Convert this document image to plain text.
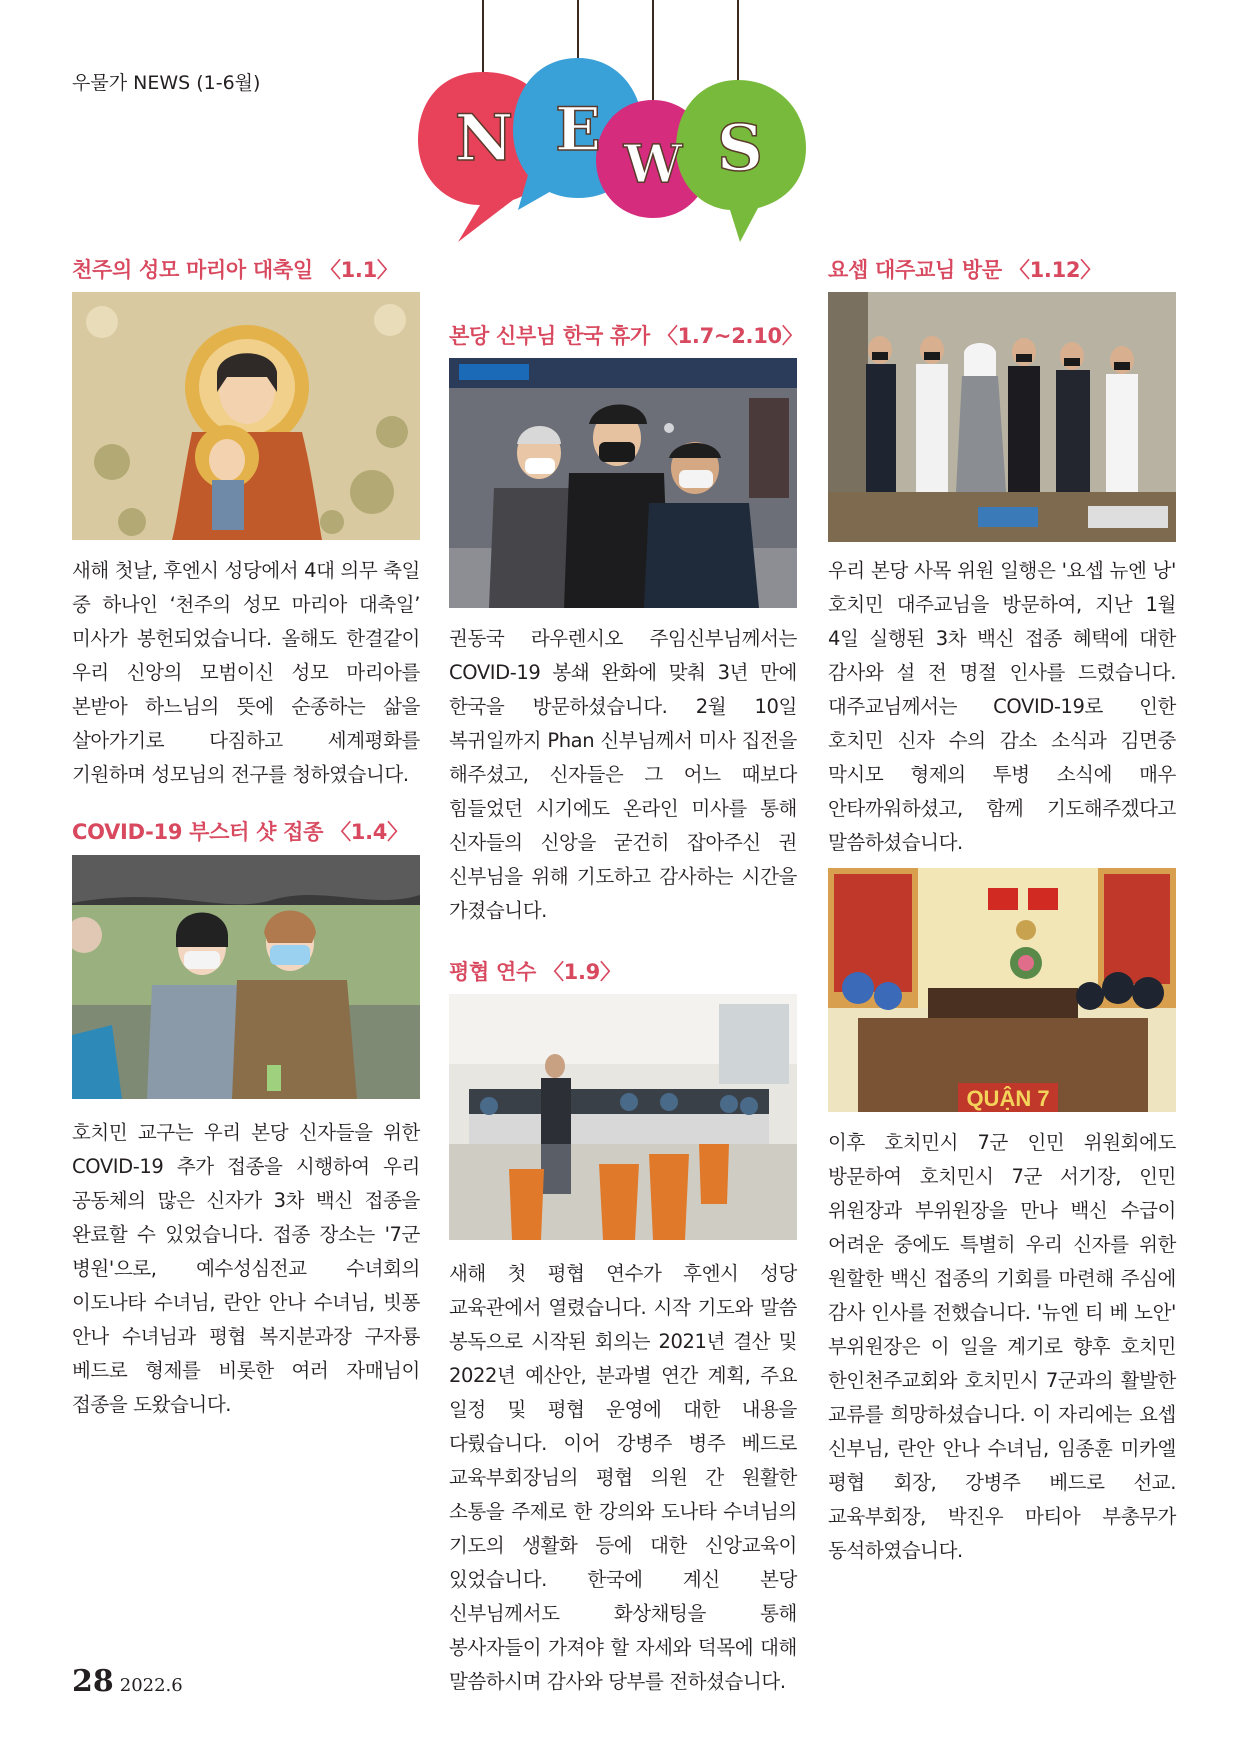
우물가 NEWS (1-6월)
N E W S
천주의 성모 마리아 대축일 〈1.1〉
새해 첫날, 후엔시 성당에서 4대 의무 축일 중 하나인 ‘천주의 성모 마리아 대축일’ 미사가 봉헌되었습니다. 올해도 한결같이 우리 신앙의 모범이신 성모 마리아를 본받아 하느님의 뜻에 순종하는 삶을 살아가기로 다짐하고 세계평화를 기원하며 성모님의 전구를 청하였습니다.
COVID-19 부스터 샷 접종 〈1.4〉
호치민 교구는 우리 본당 신자들을 위한 COVID-19 추가 접종을 시행하여 우리 공동체의 많은 신자가 3차 백신 접종을 완료할 수 있었습니다. 접종 장소는 '7군 병원'으로, 예수성심전교 수녀회의 이도나타 수녀님, 란안 안나 수녀님, 빗퐁 안나 수녀님과 평협 복지분과장 구자룡 베드로 형제를 비롯한 여러 자매님이 접종을 도왔습니다.
본당 신부님 한국 휴가 〈1.7~2.10〉
권동국 라우렌시오 주임신부님께서는 COVID-19 봉쇄 완화에 맞춰 3년 만에 한국을 방문하셨습니다. 2월 10일 복귀일까지 Phan 신부님께서 미사 집전을 해주셨고, 신자들은 그 어느 때보다 힘들었던 시기에도 온라인 미사를 통해 신자들의 신앙을 굳건히 잡아주신 권 신부님을 위해 기도하고 감사하는 시간을 가졌습니다.
평협 연수 〈1.9〉
새해 첫 평협 연수가 후엔시 성당 교육관에서 열렸습니다. 시작 기도와 말씀 봉독으로 시작된 회의는 2021년 결산 및 2022년 예산안, 분과별 연간 계획, 주요 일정 및 평협 운영에 대한 내용을 다뤘습니다. 이어 강병주 병주 베드로 교육부회장님의 평협 의원 간 원활한 소통을 주제로 한 강의와 도나타 수녀님의 기도의 생활화 등에 대한 신앙교육이 있었습니다. 한국에 계신 본당 신부님께서도 화상채팅을 통해 봉사자들이 가져야 할 자세와 덕목에 대해 말씀하시며 감사와 당부를 전하셨습니다.
요셉 대주교님 방문 〈1.12〉
우리 본당 사목 위원 일행은 '요셉 뉴엔 낭' 호치민 대주교님을 방문하여, 지난 1월 4일 실행된 3차 백신 접종 혜택에 대한 감사와 설 전 명절 인사를 드렸습니다. 대주교님께서는 COVID-19로 인한 호치민 신자 수의 감소 소식과 김면중 막시모 형제의 투병 소식에 매우 안타까워하셨고, 함께 기도해주겠다고 말씀하셨습니다.
QUẬN 7
이후 호치민시 7군 인민 위원회에도 방문하여 호치민시 7군 서기장, 인민 위원장과 부위원장을 만나 백신 수급이 어려운 중에도 특별히 우리 신자를 위한 원할한 백신 접종의 기회를 마련해 주심에 감사 인사를 전했습니다. '뉴엔 티 베 노안' 부위원장은 이 일을 계기로 향후 호치민 한인천주교회와 호치민시 7군과의 활발한 교류를 희망하셨습니다. 이 자리에는 요셉 신부님, 란안 안나 수녀님, 임종훈 미카엘 평협 회장, 강병주 베드로 선교.교육부회장, 박진우 마티아 부총무가 동석하였습니다.
28 2022.6
